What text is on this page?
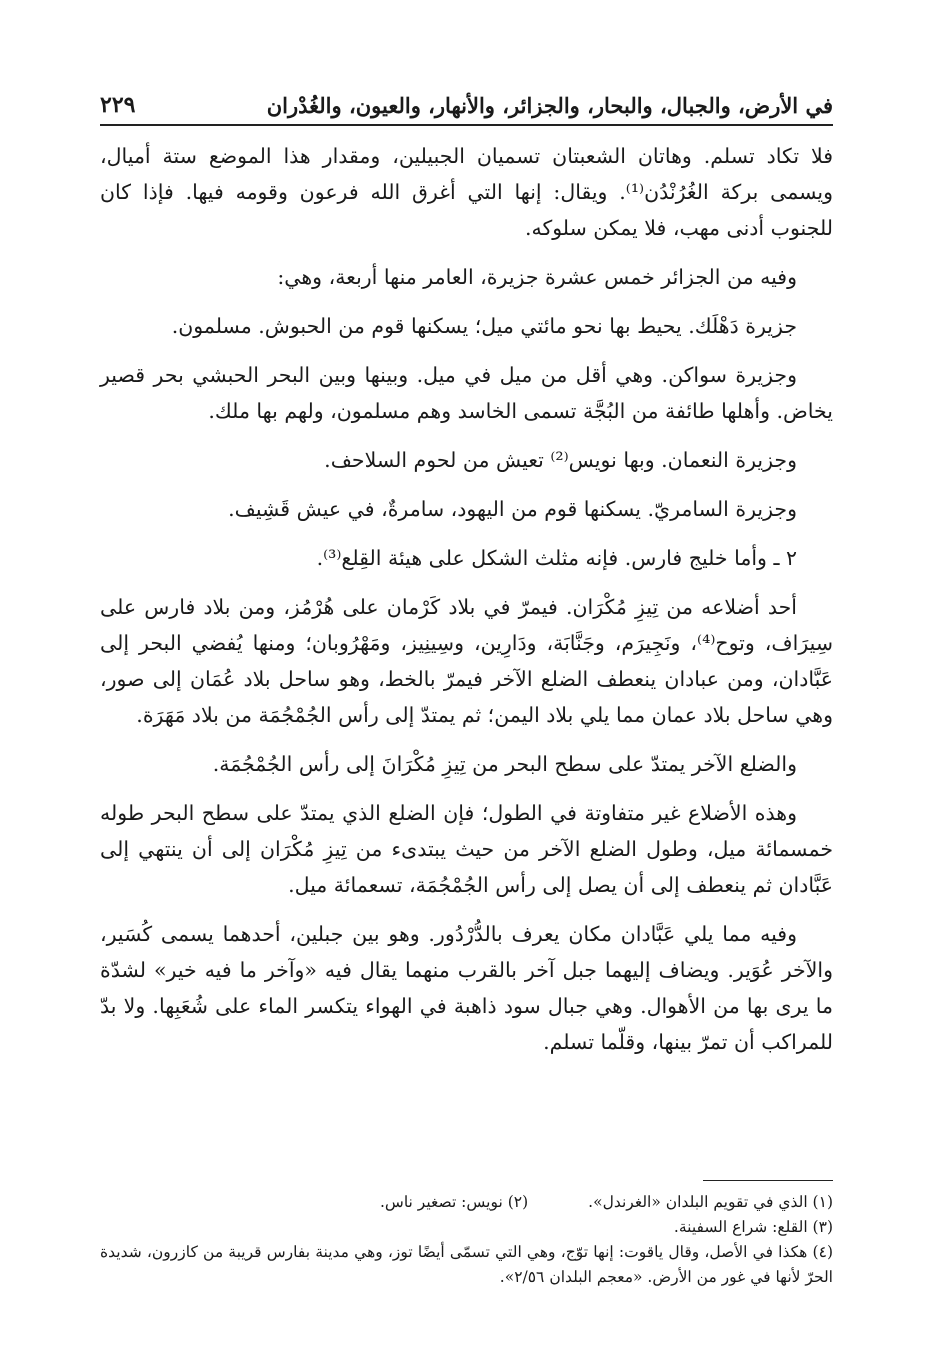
في الأرض، والجبال، والبحار، والجزائر، والأنهار، والعيون، والغُدْران
٢٢٩

فلا تكاد تسلم. وهاتان الشعبتان تسميان الجبيلين، ومقدار هذا الموضع ستة أميال، ويسمى بركة الغُرُنْدُن⁽¹⁾. ويقال: إنها التي أغرق الله فرعون وقومه فيها. فإذا كان للجنوب أدنى مهب، فلا يمكن سلوكه.

وفيه من الجزائر خمس عشرة جزيرة، العامر منها أربعة، وهي:

جزيرة دَهْلَك. يحيط بها نحو مائتي ميل؛ يسكنها قوم من الحبوش. مسلمون.

وجزيرة سواكن. وهي أقل من ميل في ميل. وبينها وبين البحر الحبشي بحر قصير يخاض. وأهلها طائفة من البُجَّة تسمى الخاسد وهم مسلمون، ولهم بها ملك.

وجزيرة النعمان. وبها نويس⁽²⁾ تعيش من لحوم السلاحف.

وجزيرة السامريّ. يسكنها قوم من اليهود، سامرةٌ، في عيش قَشِيف.

٢ ـ وأما خليج فارس. فإنه مثلث الشكل على هيئة القِلع⁽³⁾.

أحد أضلاعه من تِيزِ مُكْرَان. فيمرّ في بلاد كَرْمان على هُرْمُز، ومن بلاد فارس على سِيرَاف، وتوح⁽⁴⁾، ونَجِيرَم، وجَنَّابَة، ودَارِين، وسِينِيز، ومَهْرُوبان؛ ومنها يُفضي البحر إلى عَبَّادان، ومن عبادان ينعطف الضلع الآخر فيمرّ بالخط، وهو ساحل بلاد عُمَان إلى صور، وهي ساحل بلاد عمان مما يلي بلاد اليمن؛ ثم يمتدّ إلى رأس الجُمْجُمَة من بلاد مَهَرَة.

والضلع الآخر يمتدّ على سطح البحر من تِيزِ مُكْرَانَ إلى رأس الجُمْجُمَة.

وهذه الأضلاع غير متفاوتة في الطول؛ فإن الضلع الذي يمتدّ على سطح البحر طوله خمسمائة ميل، وطول الضلع الآخر من حيث يبتدىء من تِيزِ مُكْرَان إلى أن ينتهي إلى عَبَّادان ثم ينعطف إلى أن يصل إلى رأس الجُمْجُمَة، تسعمائة ميل.

وفيه مما يلي عَبَّادان مكان يعرف بالدُّرْدُور. وهو بين جبلين، أحدهما يسمى كُسَير، والآخر عُوَير. ويضاف إليهما جبل آخر بالقرب منهما يقال فيه «وآخر ما فيه خير» لشدّة ما يرى بها من الأهوال. وهي جبال سود ذاهبة في الهواء يتكسر الماء على شُعَبِها. ولا بدّ للمراكب أن تمرّ بينها، وقلّما تسلم.

(١) الذي في تقويم البلدان «الغرندل».

(٢) نويس: تصغير ناس.

(٣) القلع: شراع السفينة.

(٤) هكذا في الأصل، وقال ياقوت: إنها توّج، وهي التي تسمّى أيضًا توز، وهي مدينة بفارس قريبة من كازرون، شديدة الحرّ لأنها في غور من الأرض. «معجم البلدان ٢/٥٦».
